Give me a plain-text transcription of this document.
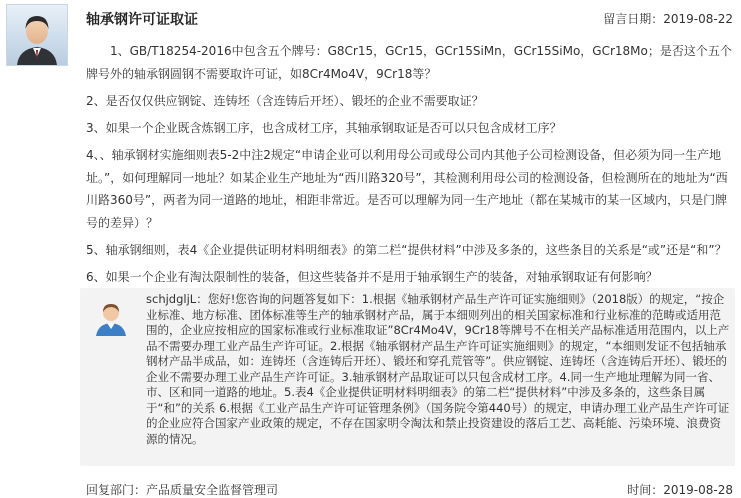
轴承钢许可证取证	留言日期：2019-08-22

1、GB/T18254-2016中包含五个牌号：G8Cr15，GCr15，GCr15SiMn，GCr15SiMo，GCr18Mo；是否这个五个牌号外的轴承钢圆钢不需要取许可证，如8Cr4Mo4V，9Cr18等？

2、是否仅仅供应钢锭、连铸坯（含连铸后开坯）、锻坯的企业不需要取证？

3、如果一个企业既含炼钢工序，也含成材工序，其轴承钢取证是否可以只包含成材工序？

4、、轴承钢材实施细则表5-2中注2规定“申请企业可以利用母公司或母公司内其他子公司检测设备，但必须为同一生产地址。”，如何理解同一地址？如某企业生产地址为“西川路320号”，其检测利用母公司的检测设备，但检测所在的地址为“西川路360号”，两者为同一道路的地址，相距非常近。是否可以理解为同一生产地址（都在某城市的某一区域内，只是门牌号的差异）？

5、轴承钢细则，表4《企业提供证明材料明细表》的第二栏“提供材料”中涉及多条的，这些条目的关系是“或”还是“和”？

6、如果一个企业有淘汰限制性的装备，但这些装备并不是用于轴承钢生产的装备，对轴承钢取证有何影响？

schjdgljL：您好!您咨询的问题答复如下：1.根据《轴承钢材产品生产许可证实施细则》（2018版）的规定，“按企业标准、地方标准、团体标准等生产的轴承钢材产品，属于本细则列出的相关国家标准和行业标准的范畴或适用范围的，企业应按相应的国家标准或行业标准取证”8Cr4Mo4V，9Cr18等牌号不在相关产品标准适用范围内，以上产品不需要办理工业产品生产许可证。2.根据《轴承钢材产品生产许可证实施细则》的规定，“本细则发证不包括轴承钢材产品半成品，如：连铸坯（含连铸后开坯）、锻坯和穿孔荒管等”。供应钢锭、连铸坯（含连铸后开坯）、锻坯的企业不需要办理工业产品生产许可证。3.轴承钢材产品取证可以只包含成材工序。4.同一生产地址理解为同一省、市、区和同一道路的地址。5.表4《企业提供证明材料明细表》的第二栏“提供材料”中涉及多条的，这些条目属于“和”的关系 6.根据《工业产品生产许可证管理条例》（国务院令第440号）的规定，申请办理工业产品生产许可证的企业应符合国家产业政策的规定，不存在国家明令淘汰和禁止投资建设的落后工艺、高耗能、污染环境、浪费资源的情况。

回复部门：产品质量安全监督管理司	时间：2019-08-28
